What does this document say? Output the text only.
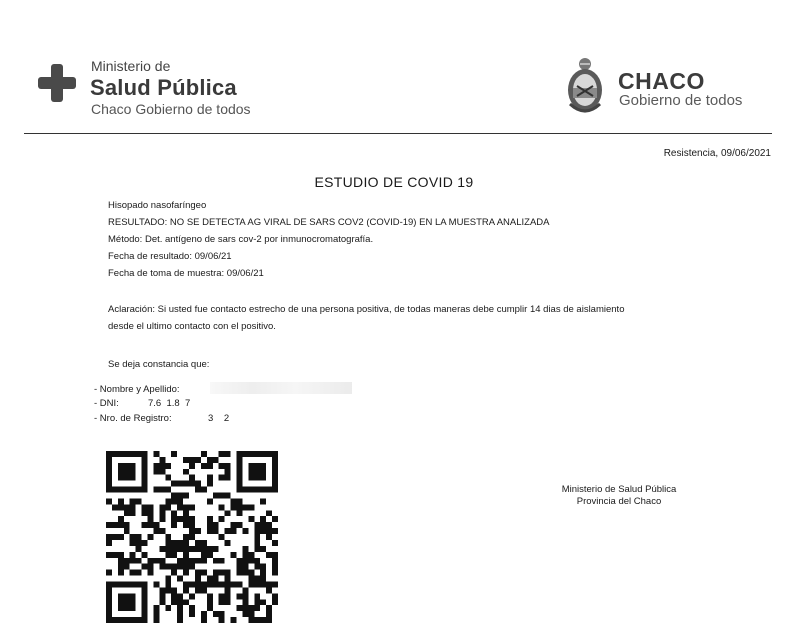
Ministerio de
Salud Pública
Chaco Gobierno de todos
CHACO
Gobierno de todos
Resistencia, 09/06/2021
ESTUDIO DE COVID 19
Hisopado nasofaríngeo
RESULTADO: NO SE DETECTA AG VIRAL DE SARS COV2 (COVID-19) EN LA MUESTRA ANALIZADA
Método: Det. antígeno de sars cov-2 por inmunocromatografía.
Fecha de resultado: 09/06/21
Fecha de toma de muestra: 09/06/21
Aclaración: Si usted fue contacto estrecho de una persona positiva, de todas maneras debe cumplir 14 dias de aislamiento
desde el ultimo contacto con el positivo.
Se deja constancia que:
- Nombre y Apellido:
- DNI:	7.6  1.8  7
- Nro. de Registro:	3    2
Ministerio de Salud Pública
Provincia del Chaco
